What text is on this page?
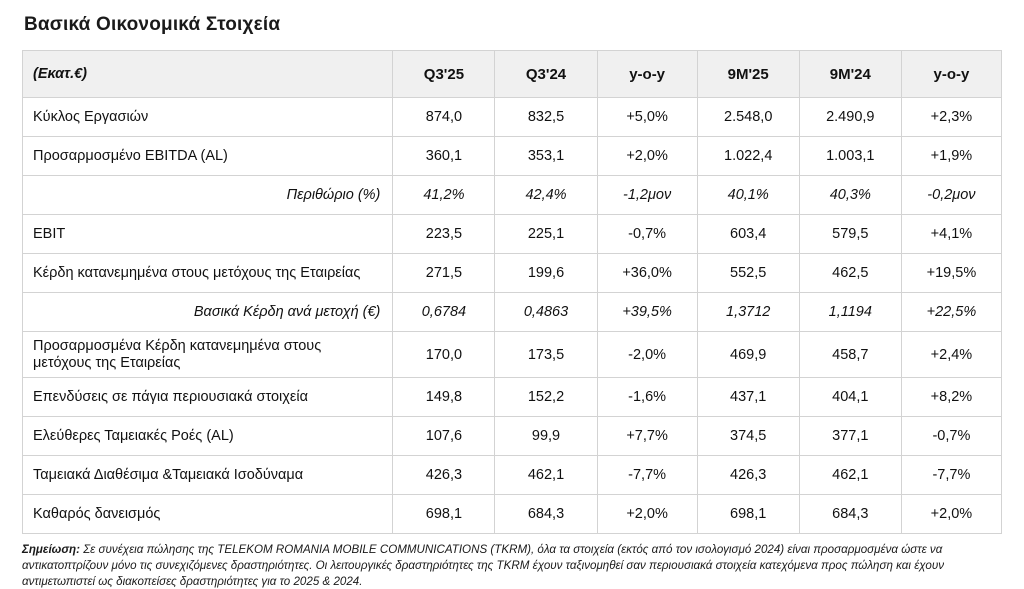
Βασικά Οικονομικά Στοιχεία
(Εκατ.€)	Q3'25	Q3'24	y-o-y	9M'25	9M'24	y-o-y
Κύκλος Εργασιών	874,0	832,5	+5,0%	2.548,0	2.490,9	+2,3%
Προσαρμοσμένο EBITDA (AL)	360,1	353,1	+2,0%	1.022,4	1.003,1	+1,9%
Περιθώριο (%)	41,2%	42,4%	-1,2μον	40,1%	40,3%	-0,2μον
EBIT	223,5	225,1	-0,7%	603,4	579,5	+4,1%
Κέρδη κατανεμημένα στους μετόχους της Εταιρείας	271,5	199,6	+36,0%	552,5	462,5	+19,5%
Βασικά Κέρδη ανά μετοχή (€)	0,6784	0,4863	+39,5%	1,3712	1,1194	+22,5%
Προσαρμοσμένα Κέρδη κατανεμημένα στους μετόχους της Εταιρείας	170,0	173,5	-2,0%	469,9	458,7	+2,4%
Επενδύσεις σε πάγια περιουσιακά στοιχεία	149,8	152,2	-1,6%	437,1	404,1	+8,2%
Ελεύθερες Ταμειακές Ροές (AL)	107,6	99,9	+7,7%	374,5	377,1	-0,7%
Ταμειακά Διαθέσιμα &Ταμειακά Ισοδύναμα	426,3	462,1	-7,7%	426,3	462,1	-7,7%
Καθαρός δανεισμός	698,1	684,3	+2,0%	698,1	684,3	+2,0%
Σημείωση: Σε συνέχεια πώλησης της TELEKOM ROMANIA MOBILE COMMUNICATIONS (TKRM), όλα τα στοιχεία (εκτός από τον ισολογισμό 2024) είναι προσαρμοσμένα ώστε να αντικατοπτρίζουν μόνο τις συνεχιζόμενες δραστηριότητες. Οι λειτουργικές δραστηριότητες της TKRM έχουν ταξινομηθεί σαν περιουσιακά στοιχεία κατεχόμενα προς πώληση και έχουν αντιμετωπιστεί ως διακοπείσες δραστηριότητες για το 2025 & 2024.
